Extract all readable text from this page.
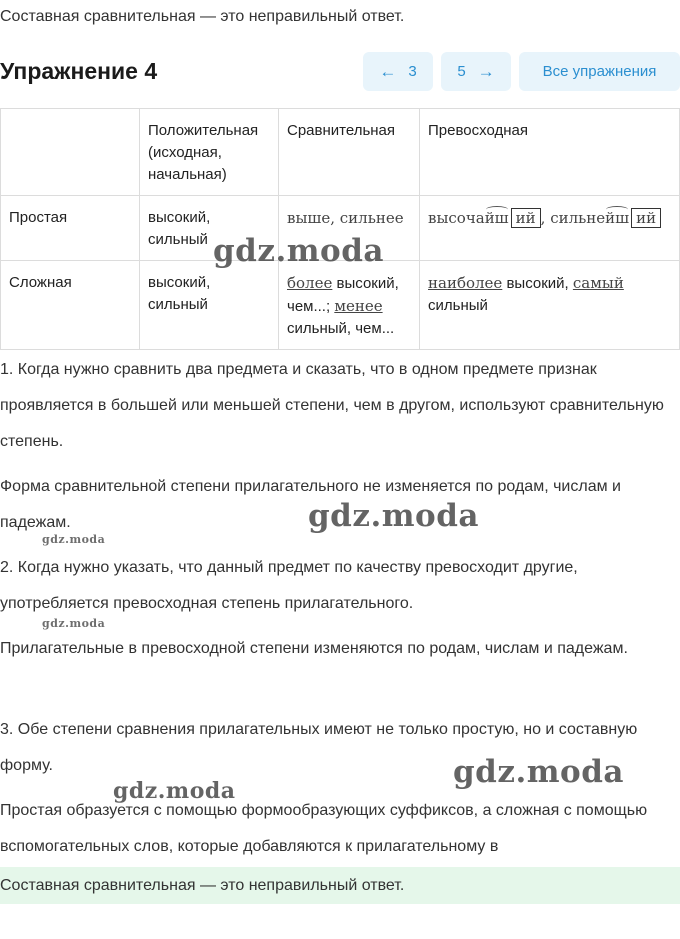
Составная сравнительная — это неправильный ответ.
Упражнение 4	← 3	5 →	Все упражнения
	Положительная (исходная, начальная)	Сравнительная	Превосходная
Простая	высокий, сильный	выше, сильнее	высочайш ий , сильнейш ий
Сложная	высокий, сильный	более высокий, чем...; менее сильный, чем...	наиболее высокий, самый сильный
1. Когда нужно сравнить два предмета и сказать, что в одном предмете признак проявляется в большей или меньшей степени, чем в другом, используют сравнительную степень.
Форма сравнительной степени прилагательного не изменяется по родам, числам и падежам.
2. Когда нужно указать, что данный предмет по качеству превосходит другие, употребляется превосходная степень прилагательного.
Прилагательные в превосходной степени изменяются по родам, числам и падежам.
3. Обе степени сравнения прилагательных имеют не только простую, но и составную форму.
Простая образуется с помощью формообразующих суффиксов, а сложная с помощью вспомогательных слов, которые добавляются к прилагательному в
Составная сравнительная — это неправильный ответ.
gdz.moda
gdz.moda
gdz.moda
gdz.moda
gdz.moda
gdz.moda
